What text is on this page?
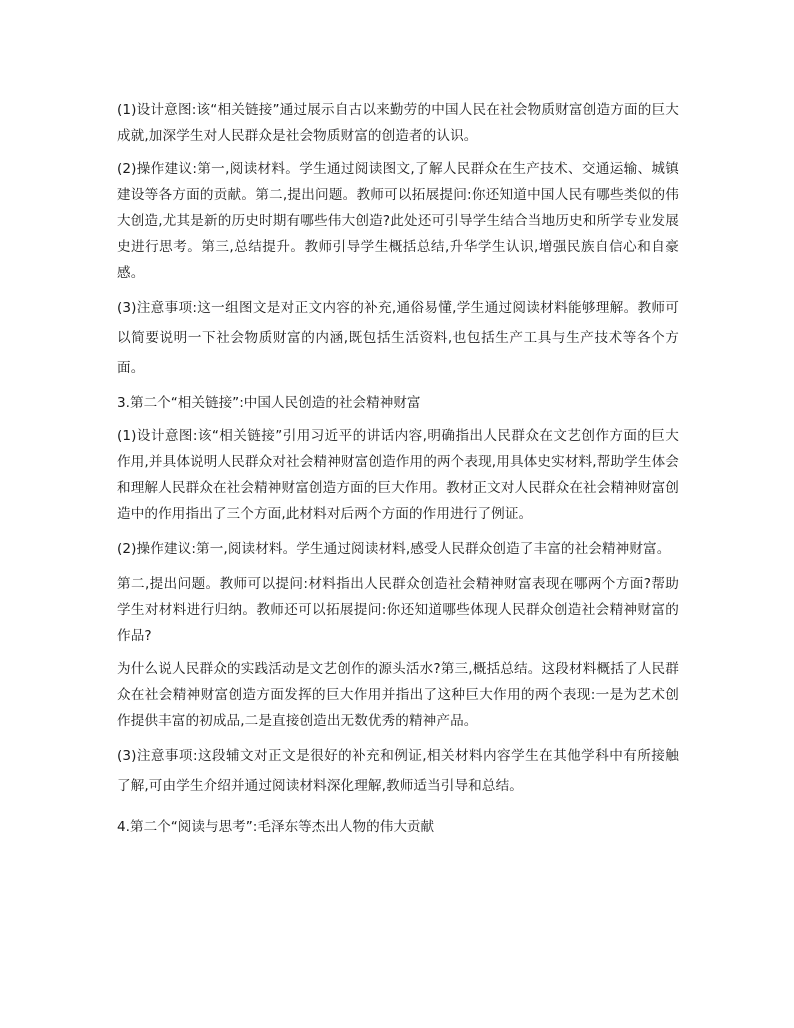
(1)设计意图:该“相关链接”通过展示自古以来勤劳的中国人民在社会物质财富创造方面的巨大成就,加深学生对人民群众是社会物质财富的创造者的认识。

(2)操作建议:第一,阅读材料。学生通过阅读图文,了解人民群众在生产技术、交通运输、城镇建设等各方面的贡献。第二,提出问题。教师可以拓展提问:你还知道中国人民有哪些类似的伟大创造,尤其是新的历史时期有哪些伟大创造?此处还可引导学生结合当地历史和所学专业发展史进行思考。第三,总结提升。教师引导学生概括总结,升华学生认识,增强民族自信心和自豪感。

(3)注意事项:这一组图文是对正文内容的补充,通俗易懂,学生通过阅读材料能够理解。教师可以简要说明一下社会物质财富的内涵,既包括生活资料,也包括生产工具与生产技术等各个方面。

3.第二个“相关链接”:中国人民创造的社会精神财富

(1)设计意图:该“相关链接”引用习近平的讲话内容,明确指出人民群众在文艺创作方面的巨大作用,并具体说明人民群众对社会精神财富创造作用的两个表现,用具体史实材料,帮助学生体会和理解人民群众在社会精神财富创造方面的巨大作用。教材正文对人民群众在社会精神财富创造中的作用指出了三个方面,此材料对后两个方面的作用进行了例证。

(2)操作建议:第一,阅读材料。学生通过阅读材料,感受人民群众创造了丰富的社会精神财富。

第二,提出问题。教师可以提问:材料指出人民群众创造社会精神财富表现在哪两个方面?帮助学生对材料进行归纳。教师还可以拓展提问:你还知道哪些体现人民群众创造社会精神财富的作品?

为什么说人民群众的实践活动是文艺创作的源头活水?第三,概括总结。这段材料概括了人民群众在社会精神财富创造方面发挥的巨大作用并指出了这种巨大作用的两个表现:一是为艺术创作提供丰富的初成品,二是直接创造出无数优秀的精神产品。

(3)注意事项:这段辅文对正文是很好的补充和例证,相关材料内容学生在其他学科中有所接触了解,可由学生介绍并通过阅读材料深化理解,教师适当引导和总结。

4.第二个“阅读与思考”:毛泽东等杰出人物的伟大贡献
